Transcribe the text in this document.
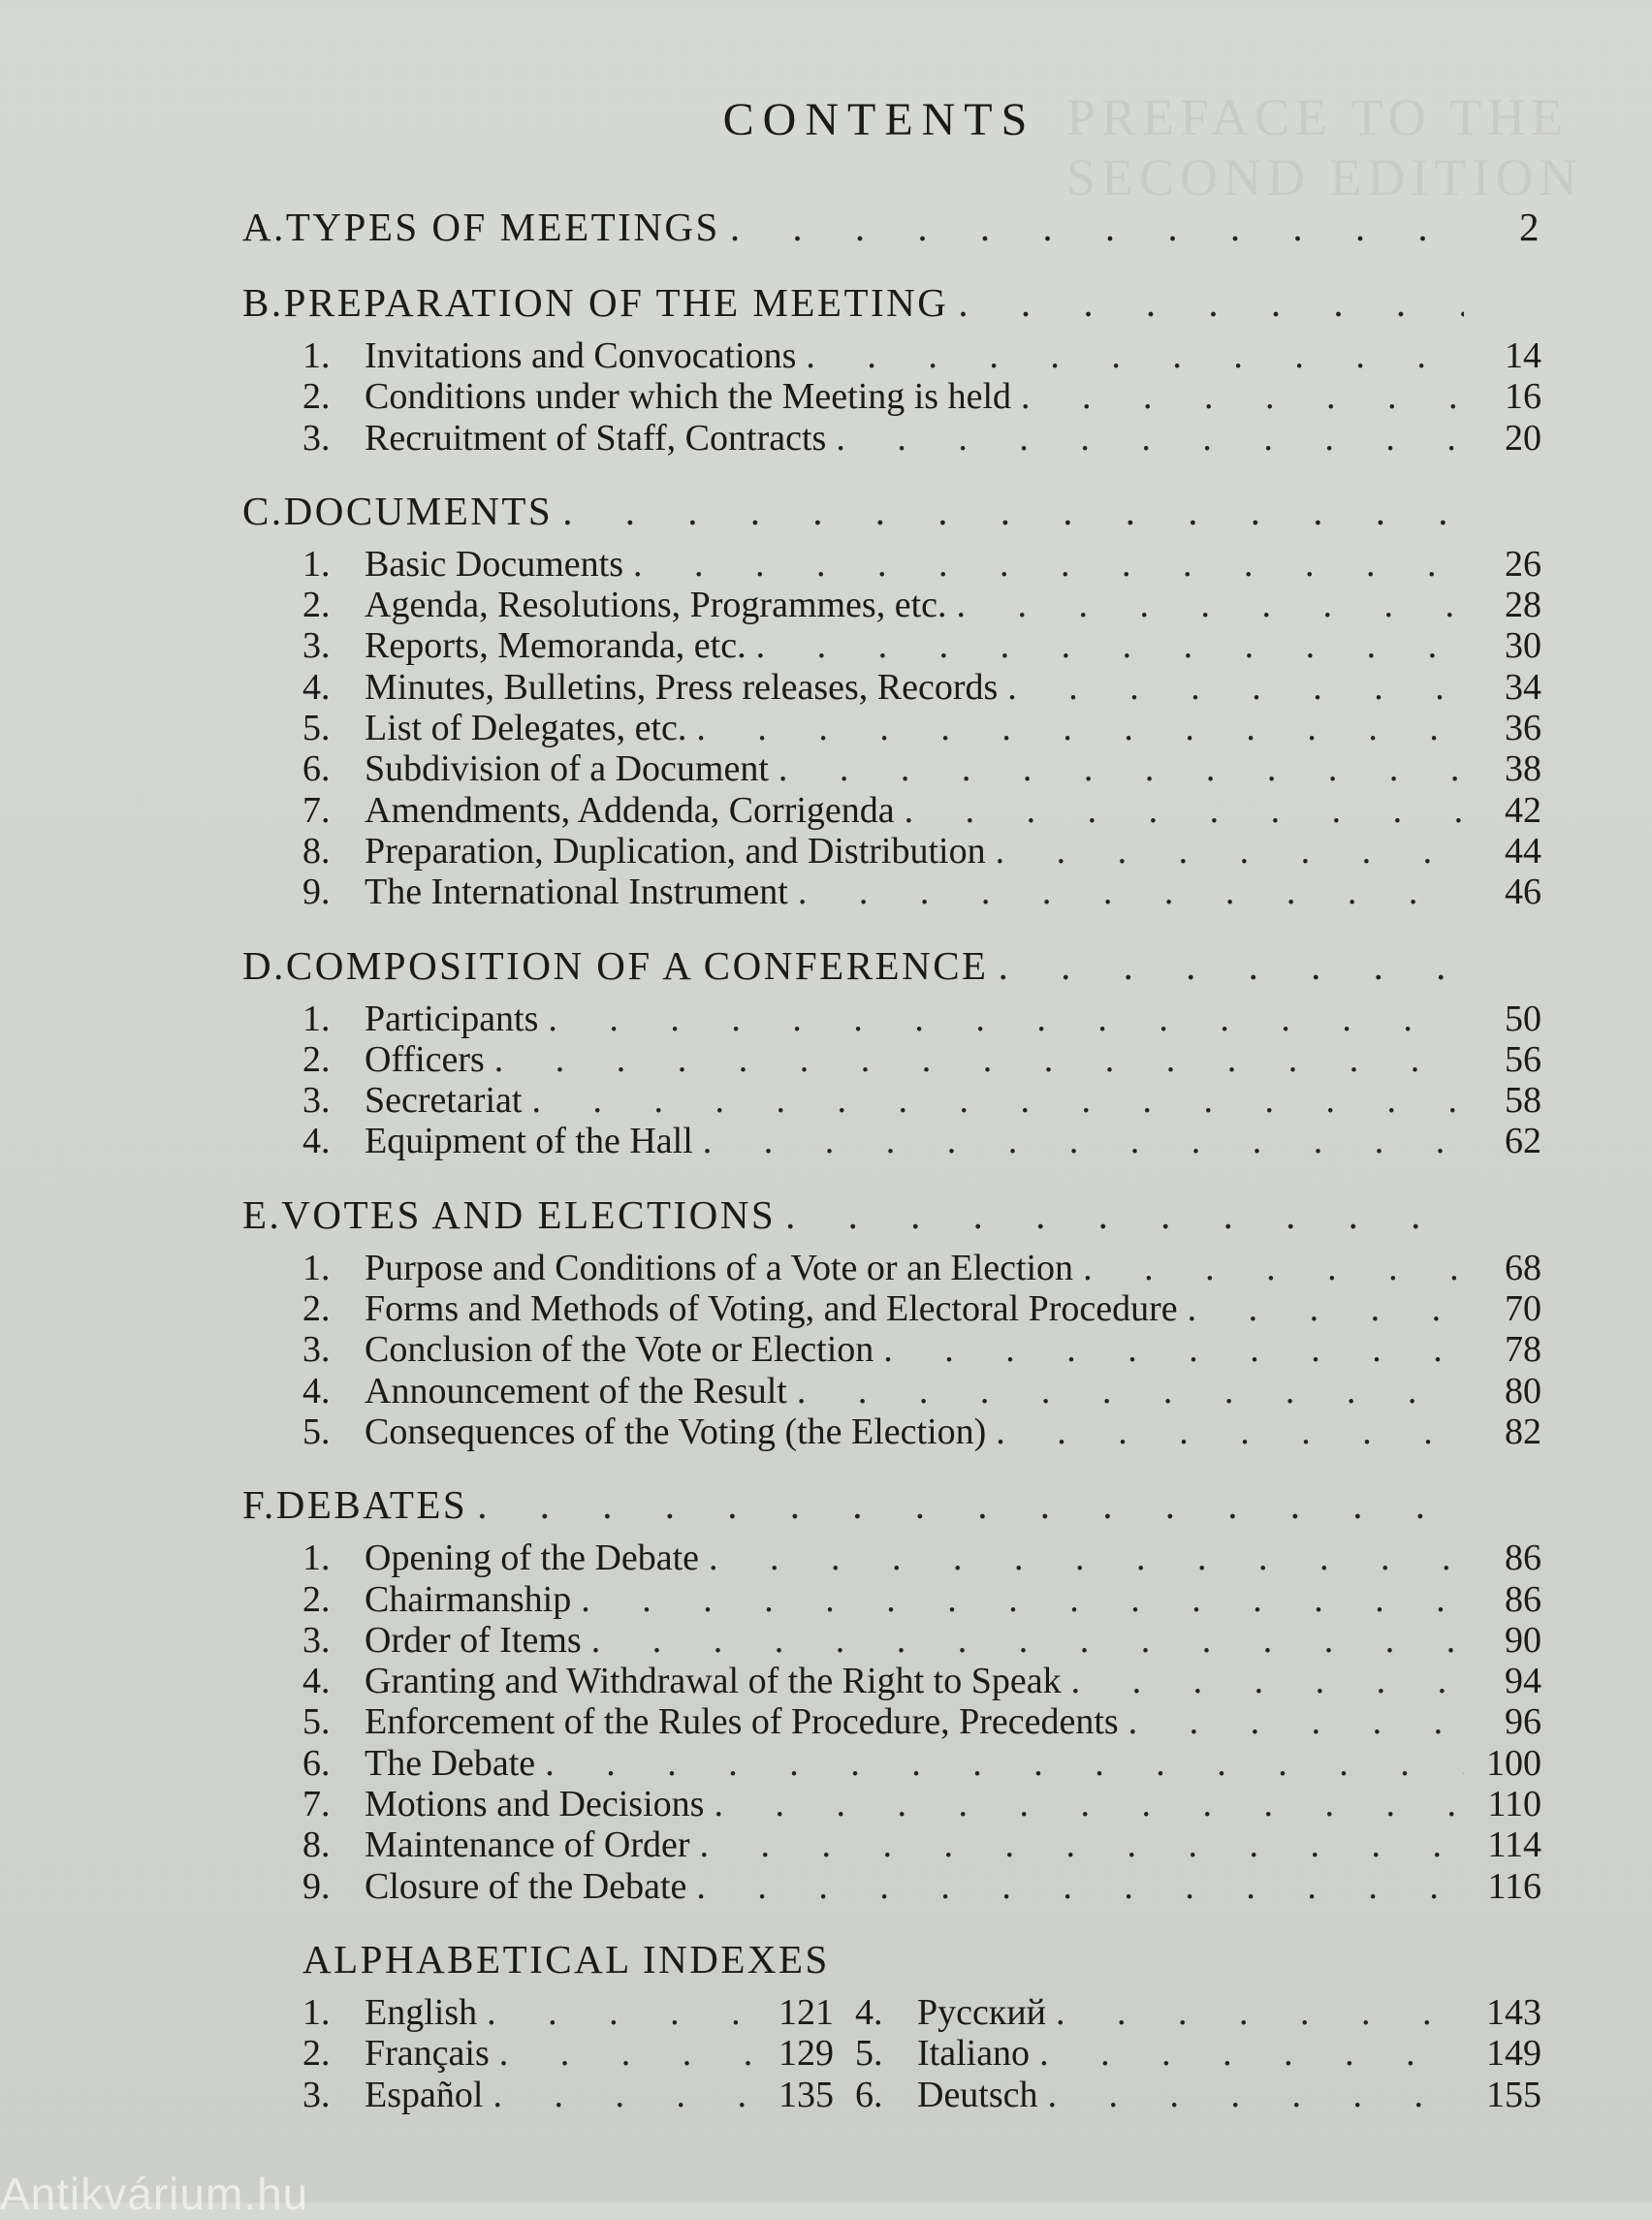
PREFACE TO THE SECOND EDITION
CONTENTS
A. TYPES OF MEETINGS . . .	2
B. PREPARATION OF THE MEETING
. . .
1. Invitations and Convocations . . .	14
2. Conditions under which the Meeting is held . . .	16
3. Recruitment of Staff, Contracts . . .	20
C. DOCUMENTS
. . .
1. Basic Documents . . .	26
2. Agenda, Resolutions, Programmes, etc. . . .	28
3. Reports, Memoranda, etc. . . .	30
4. Minutes, Bulletins, Press releases, Records . . .	34
5. List of Delegates, etc. . . .	36
6. Subdivision of a Document . . .	38
7. Amendments, Addenda, Corrigenda . . .	42
8. Preparation, Duplication, and Distribution . . .	44
9. The International Instrument . . .	46
D. COMPOSITION OF A CONFERENCE
. . .
1. Participants . . .	50
2. Officers . . .	56
3. Secretariat . . .	58
4. Equipment of the Hall . . .	62
E. VOTES AND ELECTIONS
. . .
1. Purpose and Conditions of a Vote or an Election . . .	68
2. Forms and Methods of Voting, and Electoral Procedure . . .	70
3. Conclusion of the Vote or Election . . .	78
4. Announcement of the Result . . .	80
5. Consequences of the Voting (the Election) . . .	82
F. DEBATES
. . .
1. Opening of the Debate . . .	86
2. Chairmanship . . .	86
3. Order of Items . . .	90
4. Granting and Withdrawal of the Right to Speak . . .	94
5. Enforcement of the Rules of Procedure, Precedents . . .	96
6. The Debate . . .	100
7. Motions and Decisions . . .	110
8. Maintenance of Order . . .	114
9. Closure of the Debate . . .	116
ALPHABETICAL INDEXES
1. English . . .	121
2. Français . . .	129
3. Español . . .	135
4. Русский . . .	143
5. Italiano . . .	149
6. Deutsch . . .	155
Antikvárium.hu
